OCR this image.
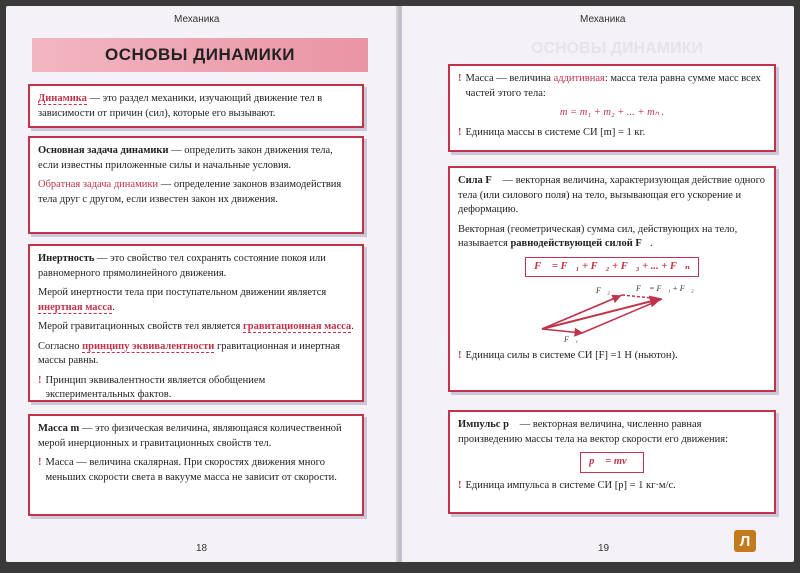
Механика
ОСНОВЫ ДИНАМИКИ

Динамика — это раздел механики, изучающий движение тел в зависимости от причин (сил), которые его вызывают.

Основная задача динамики — определить закон движения тела, если известны приложенные силы и начальные условия.

Обратная задача динамики — определение законов взаимодействия тела друг с другом, если известен закон их движения.

Инертность — это свойство тел сохранять состояние покоя или равномерного прямолинейного движения.

Мерой инертности тела при поступательном движении является инертная масса.

Мерой гравитационных свойств тел является гравитационная масса.

Согласно принципу эквивалентности гравитационная и инертная массы равны.

! Принцип эквивалентности является обобщением экспериментальных фактов.

Масса m — это физическая величина, являющаяся количественной мерой инерционных и гравитационных свойств тел.

! Масса — величина скалярная. При скоростях движения много меньших скорости света в вакууме масса не зависит от скорости.

18
Механика
ОСНОВЫ ДИНАМИКИ

! Масса — величина аддитивная: масса тела равна сумме масс всех частей этого тела:

m = m₁ + m₂ + ... + mₙ .

! Единица массы в системе СИ [m] = 1 кг.

Сила F⃗ — векторная величина, характеризующая действие одного тела (или силового поля) на тело, вызывающая его ускорение и деформацию.

Векторная (геометрическая) сумма сил, действующих на тело, называется равнодействующей силой F⃗.

F⃗ = F⃗₁ + F⃗₂ + F⃗₃ + ... + F⃗ₙ
F⃗₂
F⃗₁
F⃗ = F⃗₁ + F⃗₂

! Единица силы в системе СИ [F] =1 Н (ньютон).

Импульс p⃗ — векторная величина, численно равная произведению массы тела на вектор скорости его движения:

p⃗ = mv⃗

! Единица импульса в системе СИ [p] = 1 кг·м/с.

19	Л
